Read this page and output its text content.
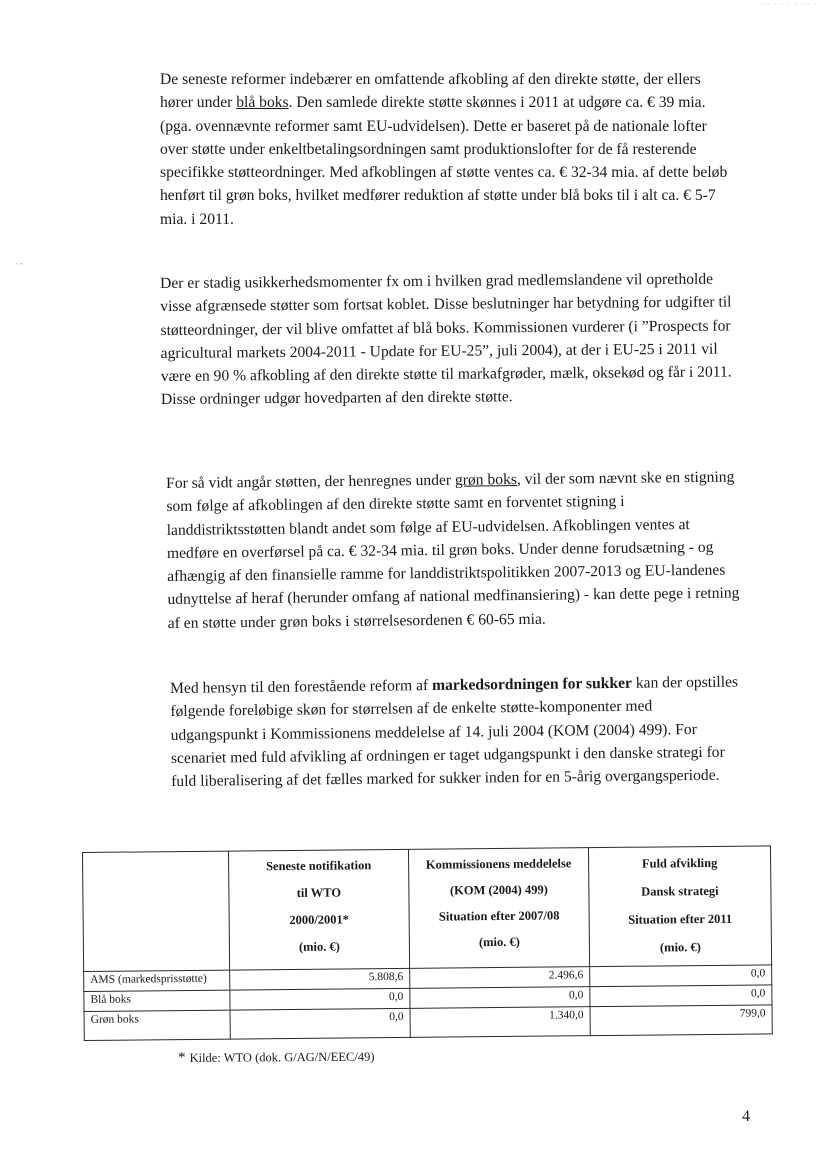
· · · · · · · · ·
‵ ‶

De seneste reformer indebærer en omfattende afkobling af den direkte støtte, der ellers hører under blå boks. Den samlede direkte støtte skønnes i 2011 at udgøre ca. € 39 mia. (pga. ovennævnte reformer samt EU-udvidelsen). Dette er baseret på de nationale lofter over støtte under enkeltbetalingsordningen samt produktionslofter for de få resterende specifikke støtteordninger. Med afkoblingen af støtte ventes ca. € 32-34 mia. af dette beløb henført til grøn boks, hvilket medfører reduktion af støtte under blå boks til i alt ca. € 5-7 mia. i 2011.

Der er stadig usikkerhedsmomenter fx om i hvilken grad medlemslandene vil opretholde visse afgrænsede støtter som fortsat koblet. Disse beslutninger har betydning for udgifter til støtteordninger, der vil blive omfattet af blå boks. Kommissionen vurderer (i ”Prospects for agricultural markets 2004-2011 - Update for EU-25”, juli 2004), at der i EU-25 i 2011 vil være en 90 % afkobling af den direkte støtte til markafgrøder, mælk, oksekød og får i 2011. Disse ordninger udgør hovedparten af den direkte støtte.

For så vidt angår støtten, der henregnes under grøn boks, vil der som nævnt ske en stigning som følge af afkoblingen af den direkte støtte samt en forventet stigning i landdistriktsstøtten blandt andet som følge af EU-udvidelsen. Afkoblingen ventes at medføre en overførsel på ca. € 32-34 mia. til grøn boks. Under denne forudsætning - og afhængig af den finansielle ramme for landdistriktspolitikken 2007-2013 og EU-landenes udnyttelse af heraf (herunder omfang af national medfinansiering) - kan dette pege i retning af en støtte under grøn boks i størrelsesordenen € 60-65 mia.

Med hensyn til den forestående reform af markedsordningen for sukker kan der opstilles følgende foreløbige skøn for størrelsen af de enkelte støtte-komponenter med udgangspunkt i Kommissionens meddelelse af 14. juli 2004 (KOM (2004) 499). For scenariet med fuld afvikling af ordningen er taget udgangspunkt i den danske strategi for fuld liberalisering af det fælles marked for sukker inden for en 5-årig overgangsperiode.

	Seneste notifikation
til WTO
2000/2001*
(mio. €)	Kommissionens meddelelse
(KOM (2004) 499)
Situation efter 2007/08
(mio. €)	Fuld afvikling
Dansk strategi
Situation efter 2011
(mio. €)

AMS (markedsprisstøtte)	5.808,6	2.496,6	0,0
Blå boks	0,0	0,0	0,0
Grøn boks	0,0	1.340,0	799,0
* Kilde: WTO (dok. G/AG/N/EEC/49)
4
